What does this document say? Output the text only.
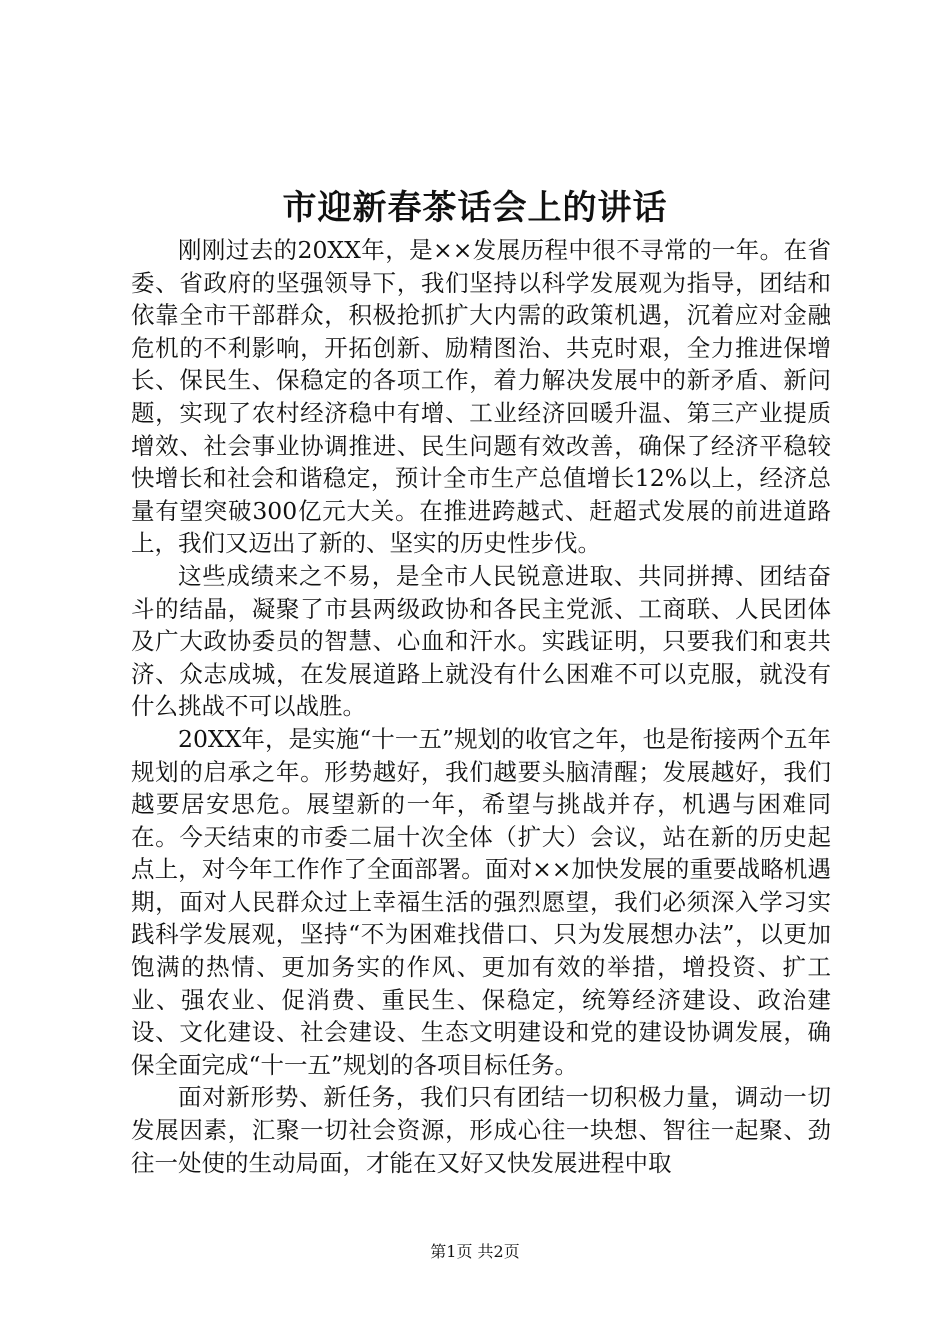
市迎新春茶话会上的讲话

刚刚过去的20XX年，是××发展历程中很不寻常的一年。在省委、省政府的坚强领导下，我们坚持以科学发展观为指导，团结和依靠全市干部群众，积极抢抓扩大内需的政策机遇，沉着应对金融危机的不利影响，开拓创新、励精图治、共克时艰，全力推进保增长、保民生、保稳定的各项工作，着力解决发展中的新矛盾、新问题，实现了农村经济稳中有增、工业经济回暖升温、第三产业提质增效、社会事业协调推进、民生问题有效改善，确保了经济平稳较快增长和社会和谐稳定，预计全市生产总值增长12%以上，经济总量有望突破300亿元大关。在推进跨越式、赶超式发展的前进道路上，我们又迈出了新的、坚实的历史性步伐。

这些成绩来之不易，是全市人民锐意进取、共同拼搏、团结奋斗的结晶，凝聚了市县两级政协和各民主党派、工商联、人民团体及广大政协委员的智慧、心血和汗水。实践证明，只要我们和衷共济、众志成城，在发展道路上就没有什么困难不可以克服，就没有什么挑战不可以战胜。

20XX年，是实施“十一五”规划的收官之年，也是衔接两个五年规划的启承之年。形势越好，我们越要头脑清醒；发展越好，我们越要居安思危。展望新的一年，希望与挑战并存，机遇与困难同在。今天结束的市委二届十次全体（扩大）会议，站在新的历史起点上，对今年工作作了全面部署。面对××加快发展的重要战略机遇期，面对人民群众过上幸福生活的强烈愿望，我们必须深入学习实践科学发展观，坚持“不为困难找借口、只为发展想办法”，以更加饱满的热情、更加务实的作风、更加有效的举措，增投资、扩工业、强农业、促消费、重民生、保稳定，统筹经济建设、政治建设、文化建设、社会建设、生态文明建设和党的建设协调发展，确保全面完成“十一五”规划的各项目标任务。

面对新形势、新任务，我们只有团结一切积极力量，调动一切发展因素，汇聚一切社会资源，形成心往一块想、智往一起聚、劲往一处使的生动局面，才能在又好又快发展进程中取

第1页 共2页
